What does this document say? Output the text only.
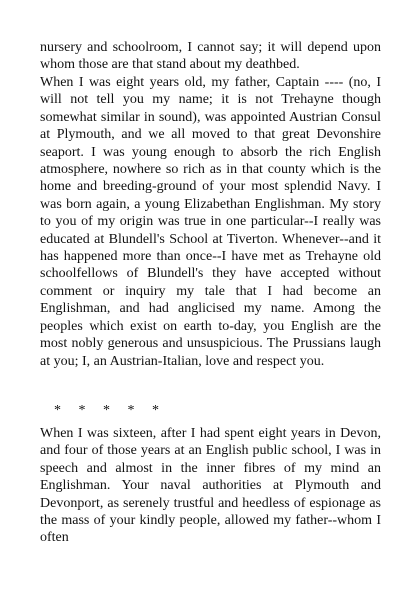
nursery and schoolroom, I cannot say; it will depend upon whom those are that stand about my deathbed.

When I was eight years old, my father, Captain ---- (no, I will not tell you my name; it is not Trehayne though somewhat similar in sound), was appointed Austrian Consul at Plymouth, and we all moved to that great Devonshire seaport. I was young enough to absorb the rich English atmosphere, nowhere so rich as in that county which is the home and breeding-ground of your most splendid Navy. I was born again, a young Elizabethan Englishman. My story to you of my origin was true in one particular--I really was educated at Blundell's School at Tiverton. Whenever--and it has happened more than once--I have met as Trehayne old schoolfellows of Blundell's they have accepted without comment or inquiry my tale that I had become an Englishman, and had anglicised my name. Among the peoples which exist on earth to-day, you English are the most nobly generous and unsuspicious. The Prussians laugh at you; I, an Austrian-Italian, love and respect you.

*     *     *     *     *

When I was sixteen, after I had spent eight years in Devon, and four of those years at an English public school, I was in speech and almost in the inner fibres of my mind an Englishman. Your naval authorities at Plymouth and Devonport, as serenely trustful and heedless of espionage as the mass of your kindly people, allowed my father--whom I often
